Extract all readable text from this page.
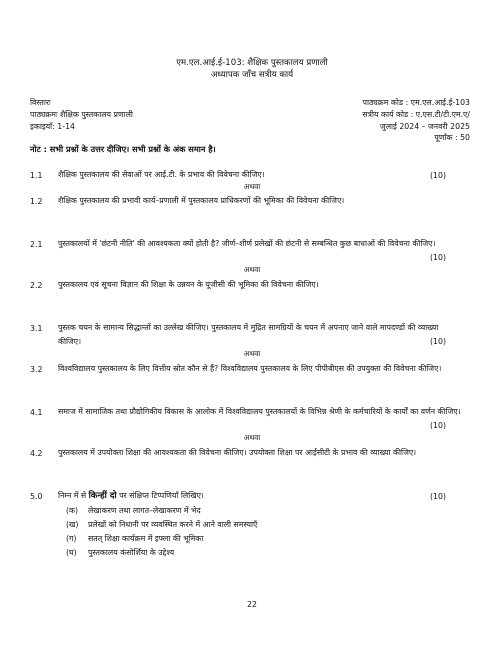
एम.एल.आई.ई-103: शैक्षिक पुस्तकालय प्रणाली
अध्यापक जाँच सत्रीय कार्य
विस्तारः
पाठ्यक्रमः शैक्षिक पुस्तकालय प्रणाली
इकाइयाँ: 1-14
पाठ्यक्रम कोड : एम.एल.आई.ई-103
सत्रीय कार्य कोड : ए.एस.टी/टी.एम.ए/
जुलाई 2024 – जनवरी 2025
पूर्णांक : 50
नोट : सभी प्रश्नों के उत्तर दीजिए। सभी प्रश्नों के अंक समान है।
1.1 शैक्षिक पुस्तकालय की सेवाओं पर आई.टी. के प्रभाव की विवेचना कीजिए।	(10)
अथवा
1.2 शैक्षिक पुस्तकालय की प्रभावी कार्य–प्रणाली में पुस्तकालय प्राधिकरणों की भूमिका की विवेचना कीजिए।
2.1 पुस्तकालयों में 'छंटनी नीति' की आवश्यकता क्यों होती है? जीर्ण–शीर्ण प्रलेखों की छंटनी से सम्बन्धित कुछ बाधाओं की विवेचना कीजिए।
(10)
अथवा
2.2 पुस्तकालय एवं सूचना विज्ञान की शिक्षा के उन्नयन के यूजीसी की भूमिका की विवेचना कीजिए।
3.1 पुस्तक चयन के सामान्य सिद्धान्तों का उल्लेख कीजिए। पुस्तकालय में मुद्रित सामग्रियों के चयन में अपनाए जाने वाले मापदण्डों की व्याख्या कीजिए।	(10)
अथवा
3.2 विश्वविद्यालय पुस्तकालय के लिए वित्तीय स्रोत कौन से हैं? विश्वविद्यालय पुस्तकालय के लिए पीपीबीएस की उपयुक्ता की विवेचना कीजिए।
4.1 समाज में सामाजिक तथा प्रौद्योगिकीय विकास के आलोक में विश्वविद्यालय पुस्तकालयों के विभिन्न श्रेणी के कर्मचारियों के कार्यों का वर्णन कीजिए।
(10)
अथवा
4.2 पुस्तकालय में उपयोक्ता शिक्षा की आवश्यकता की विवेचना कीजिए। उपयोक्ता शिक्षा पर आईसीटी के प्रभाव की व्याख्या कीजिए।
5.0 निम्न में से किन्हीं दो पर संक्षिप्त टिप्पणियाँ लिखिए।	(10)
(क) लेखाकरण तथा लागत–लेखाकरण में भेद
(ख) प्रलेखों को निधानी पर व्यवस्थित करने में आने वाली समस्याएँ
(ग) सतत् शिक्षा कार्यक्रम में इफ्ला की भूमिका
(घ) पुस्तकालय कंसोर्शिया के उद्देश्य
22
